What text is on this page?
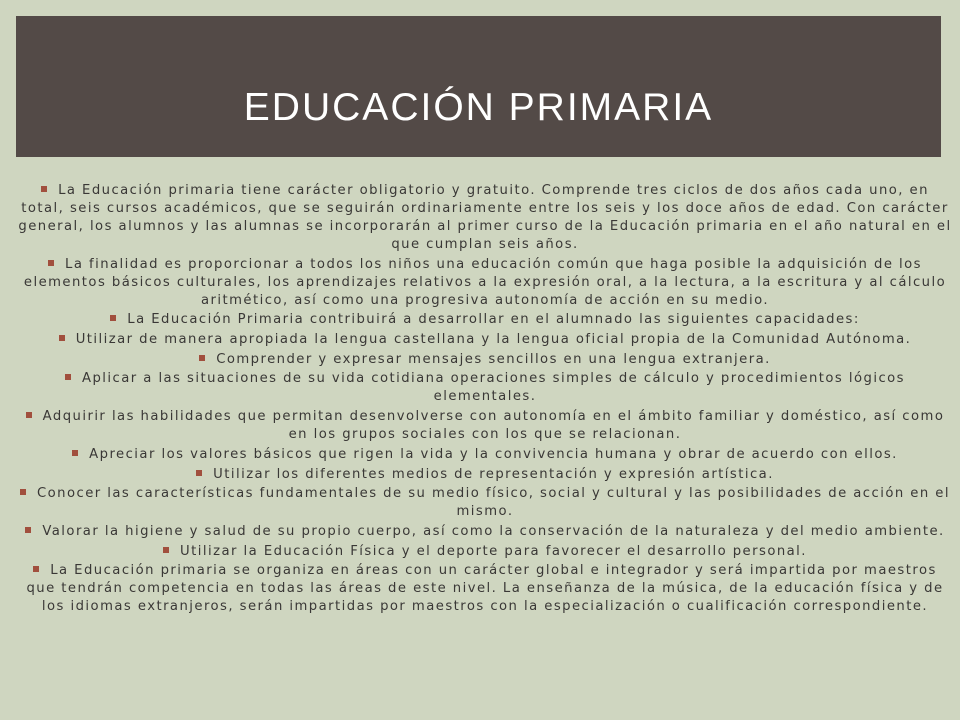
EDUCACIÓN PRIMARIA
La Educación primaria tiene carácter obligatorio y gratuito. Comprende tres ciclos de dos años cada uno, en total, seis cursos académicos, que se seguirán ordinariamente entre los seis y los doce años de edad. Con carácter general, los alumnos y las alumnas se incorporarán al primer curso de la Educación primaria en el año natural en el que cumplan seis años.
La finalidad es proporcionar a todos los niños una educación común que haga posible la adquisición de los elementos básicos culturales, los aprendizajes relativos a la expresión oral, a la lectura, a la escritura y al cálculo aritmético, así como una progresiva autonomía de acción en su medio.
La Educación Primaria contribuirá a desarrollar en el alumnado las siguientes capacidades:
Utilizar de manera apropiada la lengua castellana y la lengua oficial propia de la Comunidad Autónoma.
Comprender y expresar mensajes sencillos en una lengua extranjera.
Aplicar a las situaciones de su vida cotidiana operaciones simples de cálculo y procedimientos lógicos elementales.
Adquirir las habilidades que permitan desenvolverse con autonomía en el ámbito familiar y doméstico, así como en los grupos sociales con los que se relacionan.
Apreciar los valores básicos que rigen la vida y la convivencia humana y obrar de acuerdo con ellos.
Utilizar los diferentes medios de representación y expresión artística.
Conocer las características fundamentales de su medio físico, social y cultural y las posibilidades de acción en el mismo.
Valorar la higiene y salud de su propio cuerpo, así como la conservación de la naturaleza y del medio ambiente.
Utilizar la Educación Física y el deporte para favorecer el desarrollo personal.
La Educación primaria se organiza en áreas con un carácter global e integrador y será impartida por maestros que tendrán competencia en todas las áreas de este nivel. La enseñanza de la música, de la educación física y de los idiomas extranjeros, serán impartidas por maestros con la especialización o cualificación correspondiente.
